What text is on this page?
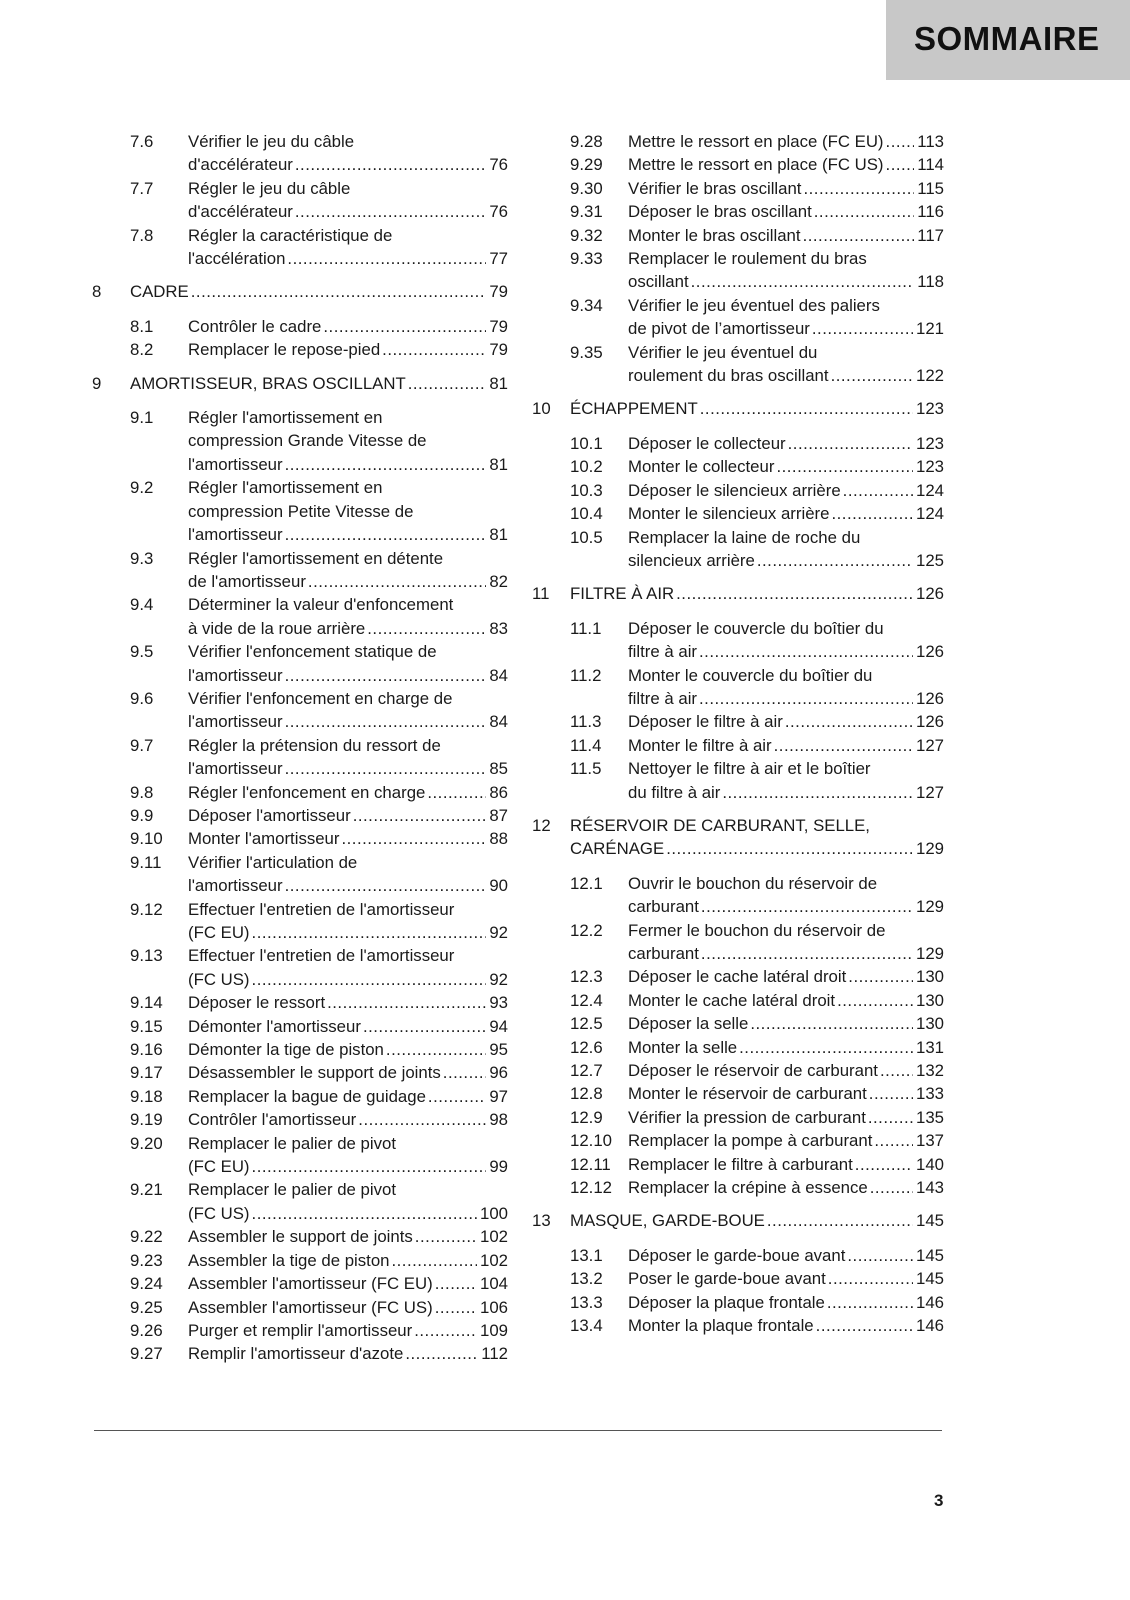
SOMMAIRE
7.6 Vérifier le jeu du câble
d'accélérateur .....	76
7.7 Régler le jeu du câble
d'accélérateur .....	76
7.8 Régler la caractéristique de
l'accélération .....	77
8 CADRE .....	79
8.1 Contrôler le cadre .....	79
8.2 Remplacer le repose-pied .....	79
9 AMORTISSEUR, BRAS OSCILLANT .....	81
9.1 Régler l'amortissement en
compression Grande Vitesse de
l'amortisseur .....	81
9.2 Régler l'amortissement en
compression Petite Vitesse de
l'amortisseur .....	81
9.3 Régler l'amortissement en détente
de l'amortisseur .....	82
9.4 Déterminer la valeur d'enfoncement
à vide de la roue arrière .....	83
9.5 Vérifier l'enfoncement statique de
l'amortisseur .....	84
9.6 Vérifier l'enfoncement en charge de
l'amortisseur .....	84
9.7 Régler la prétension du ressort de
l'amortisseur .....	85
9.8 Régler l'enfoncement en charge .....	86
9.9 Déposer l'amortisseur .....	87
9.10 Monter l'amortisseur .....	88
9.11 Vérifier l'articulation de
l'amortisseur .....	90
9.12 Effectuer l'entretien de l'amortisseur
(FC EU) .....	92
9.13 Effectuer l'entretien de l'amortisseur
(FC US) .....	92
9.14 Déposer le ressort .....	93
9.15 Démonter l'amortisseur .....	94
9.16 Démonter la tige de piston .....	95
9.17 Désassembler le support de joints .....	96
9.18 Remplacer la bague de guidage .....	97
9.19 Contrôler l'amortisseur .....	98
9.20 Remplacer le palier de pivot
(FC EU) .....	99
9.21 Remplacer le palier de pivot
(FC US) .....	100
9.22 Assembler le support de joints .....	102
9.23 Assembler la tige de piston .....	102
9.24 Assembler l'amortisseur (FC EU) .....	104
9.25 Assembler l'amortisseur (FC US) .....	106
9.26 Purger et remplir l'amortisseur .....	109
9.27 Remplir l'amortisseur d'azote .....	112
9.28 Mettre le ressort en place (FC EU) ..... 113
9.29 Mettre le ressort en place (FC US) ..... 114
9.30 Vérifier le bras oscillant .....	115
9.31 Déposer le bras oscillant .....	116
9.32 Monter le bras oscillant .....	117
9.33 Remplacer le roulement du bras
oscillant .....	118
9.34 Vérifier le jeu éventuel des paliers
de pivot de l’amortisseur .....	121
9.35 Vérifier le jeu éventuel du
roulement du bras oscillant .....	122
10 ÉCHAPPEMENT .....	123
10.1 Déposer le collecteur .....	123
10.2 Monter le collecteur .....	123
10.3 Déposer le silencieux arrière .....	124
10.4 Monter le silencieux arrière .....	124
10.5 Remplacer la laine de roche du
silencieux arrière .....	125
11 FILTRE À AIR .....	126
11.1 Déposer le couvercle du boîtier du
filtre à air .....	126
11.2 Monter le couvercle du boîtier du
filtre à air .....	126
11.3 Déposer le filtre à air .....	126
11.4 Monter le filtre à air .....	127
11.5 Nettoyer le filtre à air et le boîtier
du filtre à air .....	127
12 RÉSERVOIR DE CARBURANT, SELLE,
CARÉNAGE .....	129
12.1 Ouvrir le bouchon du réservoir de
carburant .....	129
12.2 Fermer le bouchon du réservoir de
carburant .....	129
12.3 Déposer le cache latéral droit .....	130
12.4 Monter le cache latéral droit .....	130
12.5 Déposer la selle .....	130
12.6 Monter la selle .....	131
12.7 Déposer le réservoir de carburant ..... 132
12.8 Monter le réservoir de carburant .....	133
12.9 Vérifier la pression de carburant .....	135
12.10 Remplacer la pompe à carburant .....	137
12.11 Remplacer le filtre à carburant .....	140
12.12 Remplacer la crépine à essence .....	143
13 MASQUE, GARDE-BOUE .....	145
13.1 Déposer le garde-boue avant .....	145
13.2 Poser le garde-boue avant .....	145
13.3 Déposer la plaque frontale .....	146
13.4 Monter la plaque frontale .....	146
3
